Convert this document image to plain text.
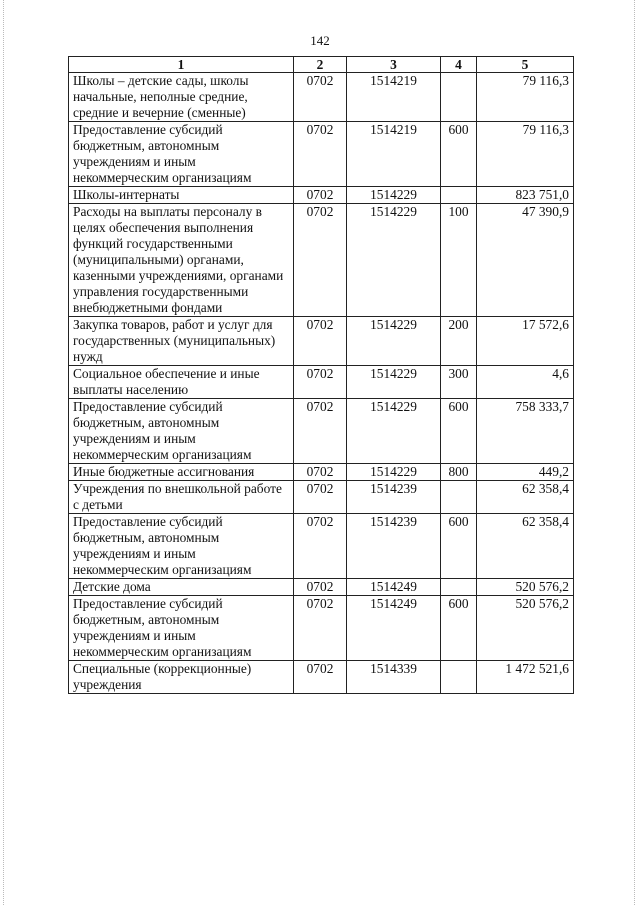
142
1	2	3	4	5
Школы – детские сады, школы начальные, неполные средние, средние и вечерние (сменные)	0702	1514219		79 116,3
Предоставление субсидий бюджетным, автономным учреждениям и иным некоммерческим организациям	0702	1514219	600	79 116,3
Школы-интернаты	0702	1514229		823 751,0
Расходы на выплаты персоналу в целях обеспечения выполнения функций государственными (муниципальными) органами, казенными учреждениями, органами управления государственными внебюджетными фондами	0702	1514229	100	47 390,9
Закупка товаров, работ и услуг для государственных (муниципальных) нужд	0702	1514229	200	17 572,6
Социальное обеспечение и иные выплаты населению	0702	1514229	300	4,6
Предоставление субсидий бюджетным, автономным учреждениям и иным некоммерческим организациям	0702	1514229	600	758 333,7
Иные бюджетные ассигнования	0702	1514229	800	449,2
Учреждения по внешкольной работе с детьми	0702	1514239		62 358,4
Предоставление субсидий бюджетным, автономным учреждениям и иным некоммерческим организациям	0702	1514239	600	62 358,4
Детские дома	0702	1514249		520 576,2
Предоставление субсидий бюджетным, автономным учреждениям и иным некоммерческим организациям	0702	1514249	600	520 576,2
Специальные (коррекционные) учреждения	0702	1514339		1 472 521,6
